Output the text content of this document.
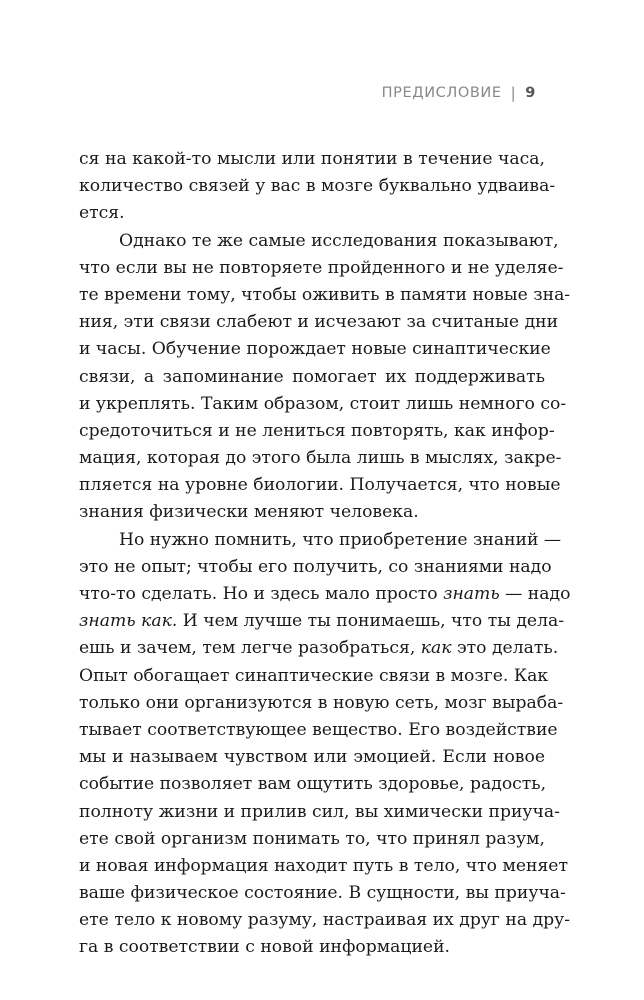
ПРЕДИСЛОВИЕ | 9
ся на какой-то мысли или понятии в течение часа,
количество связей у вас в мозге буквально удваива-
ется.
Однако те же самые исследования показывают,
что если вы не повторяете пройденного и не уделяе-
те времени тому, чтобы оживить в памяти новые зна-
ния, эти связи слабеют и исчезают за считаные дни
и часы. Обучение порождает новые синаптические
связи, а запоминание помогает их поддерживать
и укреплять. Таким образом, стоит лишь немного со-
средоточиться и не лениться повторять, как инфор-
мация, которая до этого была лишь в мыслях, закре-
пляется на уровне биологии. Получается, что новые
знания физически меняют человека.
Но нужно помнить, что приобретение знаний —
это не опыт; чтобы его получить, со знаниями надо
что-то сделать. Но и здесь мало просто знать — надо
знать как. И чем лучше ты понимаешь, что ты дела-
ешь и зачем, тем легче разобраться, как это делать.
Опыт обогащает синаптические связи в мозге. Как
только они организуются в новую сеть, мозг выраба-
тывает соответствующее вещество. Его воздействие
мы и называем чувством или эмоцией. Если новое
событие позволяет вам ощутить здоровье, радость,
полноту жизни и прилив сил, вы химически приуча-
ете свой организм понимать то, что принял разум,
и новая информация находит путь в тело, что меняет
ваше физическое состояние. В сущности, вы приуча-
ете тело к новому разуму, настраивая их друг на дру-
га в соответствии с новой информацией.
